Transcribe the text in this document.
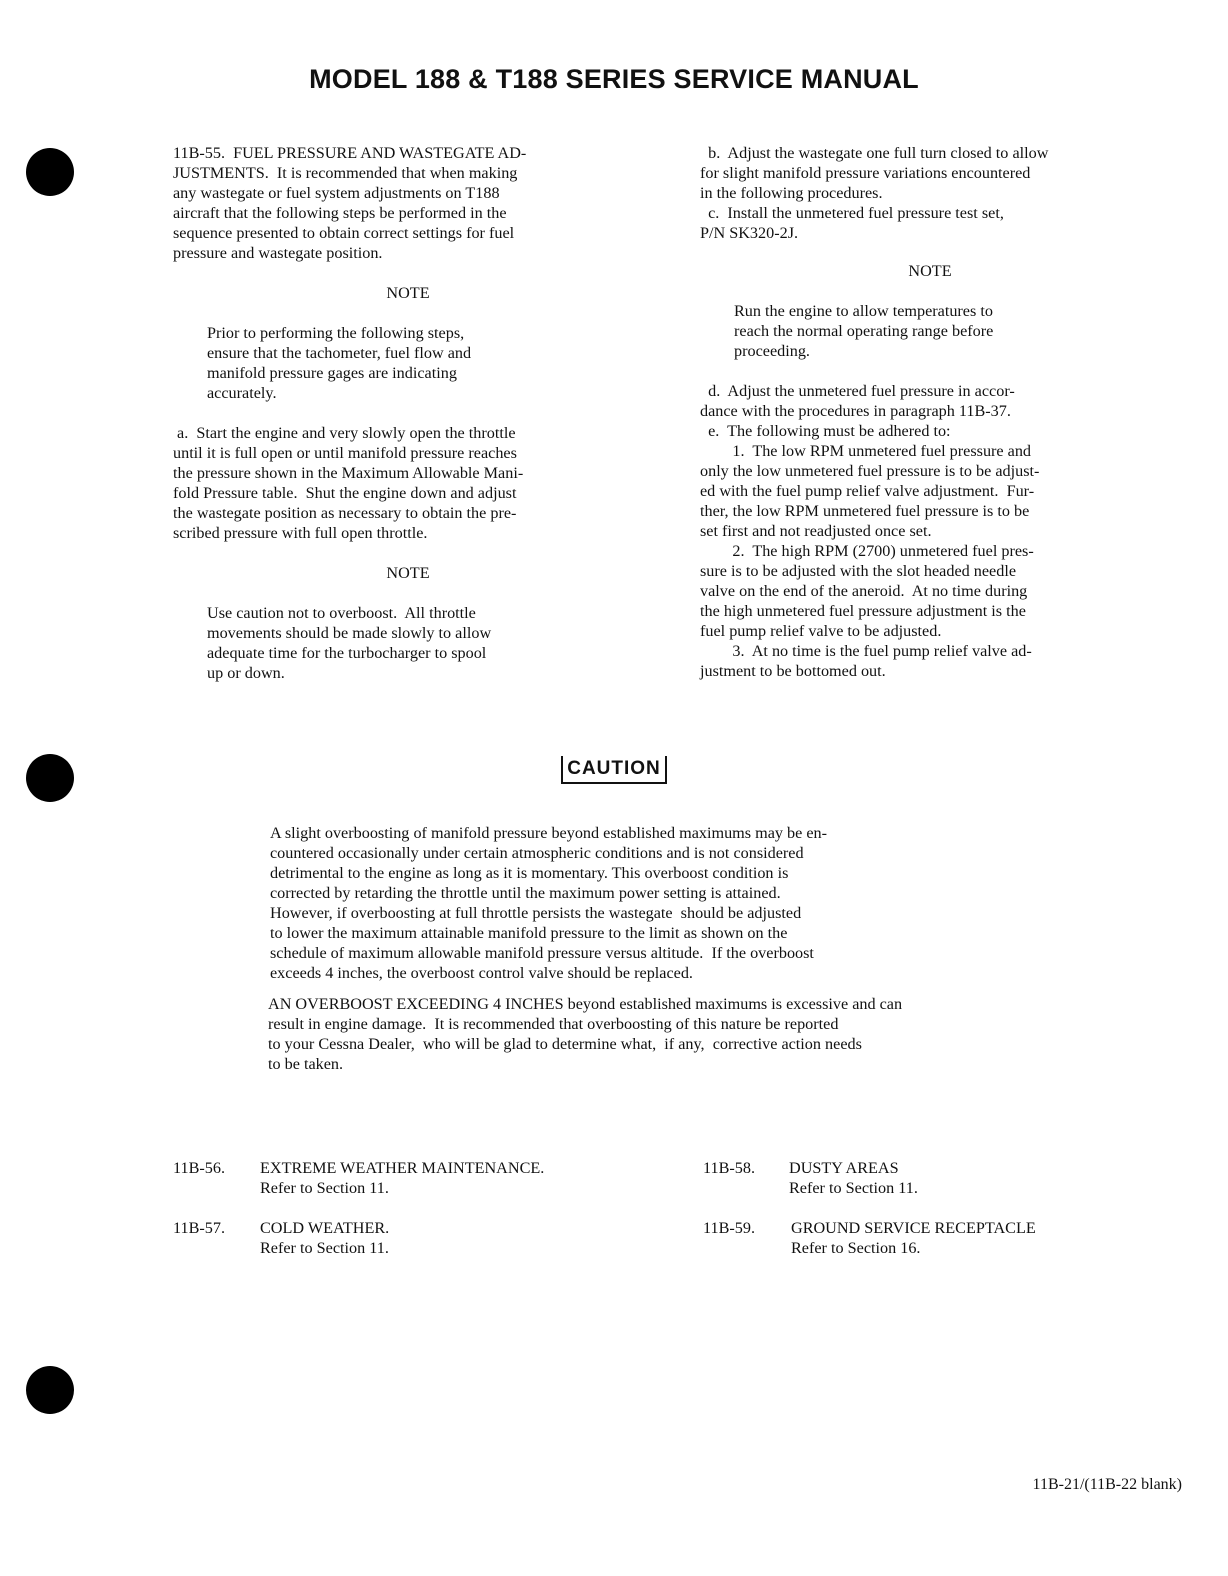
MODEL 188 & T188 SERIES SERVICE MANUAL
11B-55.  FUEL PRESSURE AND WASTEGATE AD-
JUSTMENTS.  It is recommended that when making
any wastegate or fuel system adjustments on T188
aircraft that the following steps be performed in the
sequence presented to obtain correct settings for fuel
pressure and wastegate position.

NOTE

Prior to performing the following steps,
ensure that the tachometer, fuel flow and
manifold pressure gages are indicating
accurately.
a.  Start the engine and very slowly open the throttle
until it is full open or until manifold pressure reaches
the pressure shown in the Maximum Allowable Mani-
fold Pressure table.  Shut the engine down and adjust
the wastegate position as necessary to obtain the pre-
scribed pressure with full open throttle.

NOTE

Use caution not to overboost.  All throttle
movements should be made slowly to allow
adequate time for the turbocharger to spool
up or down.
b.  Adjust the wastegate one full turn closed to allow
for slight manifold pressure variations encountered
in the following procedures.
c.  Install the unmetered fuel pressure test set,
P/N SK320-2J.

NOTE

Run the engine to allow temperatures to
reach the normal operating range before
proceeding.
d.  Adjust the unmetered fuel pressure in accor-
dance with the procedures in paragraph 11B-37.
e.  The following must be adhered to:
1.  The low RPM unmetered fuel pressure and
only the low unmetered fuel pressure is to be adjust-
ed with the fuel pump relief valve adjustment.  Fur-
ther, the low RPM unmetered fuel pressure is to be
set first and not readjusted once set.
2.  The high RPM (2700) unmetered fuel pres-
sure is to be adjusted with the slot headed needle
valve on the end of the aneroid.  At no time during
the high unmetered fuel pressure adjustment is the
fuel pump relief valve to be adjusted.
3.  At no time is the fuel pump relief valve ad-
justment to be bottomed out.
CAUTION
A slight overboosting of manifold pressure beyond established maximums may be en-
countered occasionally under certain atmospheric conditions and is not considered
detrimental to the engine as long as it is momentary. This overboost condition is
corrected by retarding the throttle until the maximum power setting is attained.
However, if overboosting at full throttle persists the wastegate  should be adjusted
to lower the maximum attainable manifold pressure to the limit as shown on the
schedule of maximum allowable manifold pressure versus altitude.  If the overboost
exceeds 4 inches, the overboost control valve should be replaced.
AN OVERBOOST EXCEEDING 4 INCHES beyond established maximums is excessive and can
result in engine damage.  It is recommended that overboosting of this nature be reported
to your Cessna Dealer,  who will be glad to determine what,  if any,  corrective action needs
to be taken.
11B-56. EXTREME WEATHER MAINTENANCE.
Refer to Section 11.
11B-57. COLD WEATHER.
Refer to Section 11.
11B-58. DUSTY AREAS
Refer to Section 11.
11B-59. GROUND SERVICE RECEPTACLE
Refer to Section 16.
11B-21/(11B-22 blank)
